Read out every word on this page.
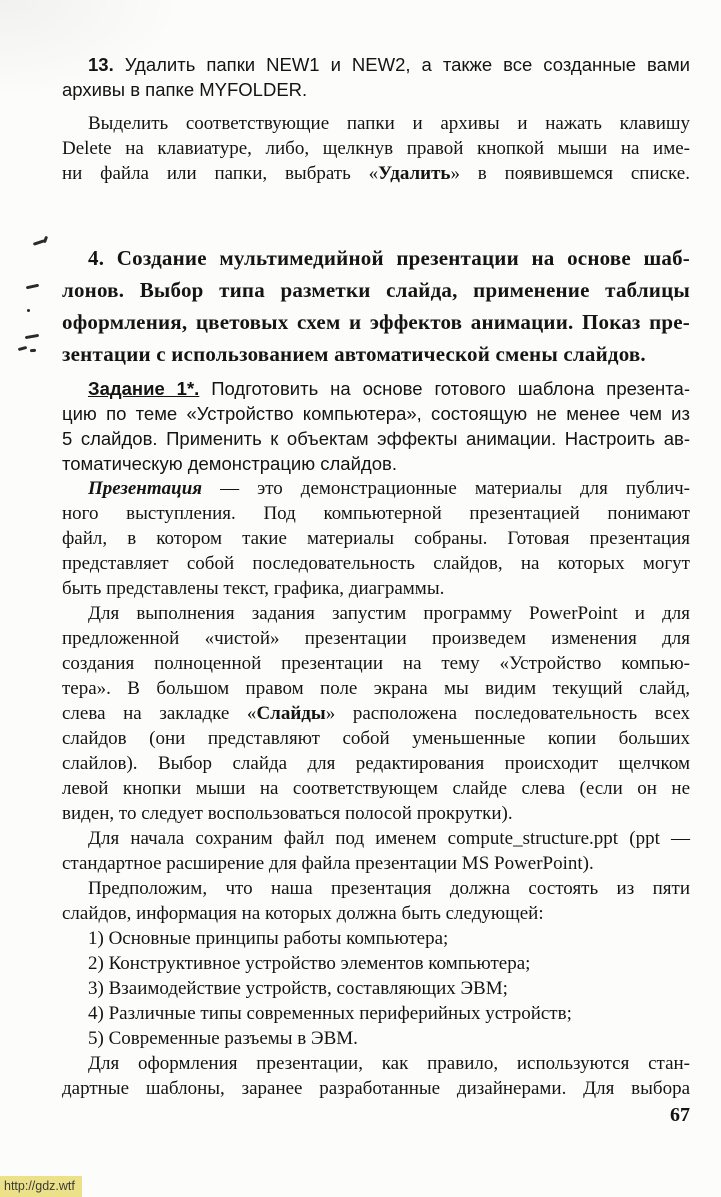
13. Удалить папки NEW1 и NEW2, а также все созданные вами
архивы в папке MYFOLDER.
Выделить соответствующие папки и архивы и нажать клавишу
Delete на клавиатуре, либо, щелкнув правой кнопкой мыши на име-
ни файла или папки, выбрать «Удалить» в появившемся списке.
4. Создание мультимедийной презентации на основе шаб-
лонов. Выбор типа разметки слайда, применение таблицы
оформления, цветовых схем и эффектов анимации. Показ пре-
зентации с использованием автоматической смены слайдов.
Задание 1*. Подготовить на основе готового шаблона презента-
цию по теме «Устройство компьютера», состоящую не менее чем из
5 слайдов. Применить к объектам эффекты анимации. Настроить ав-
томатическую демонстрацию слайдов.
Презентация — это демонстрационные материалы для публич-
ного выступления. Под компьютерной презентацией понимают
файл, в котором такие материалы собраны. Готовая презентация
представляет собой последовательность слайдов, на которых могут
быть представлены текст, графика, диаграммы.
Для выполнения задания запустим программу PowerPoint и для
предложенной «чистой» презентации произведем изменения для
создания полноценной презентации на тему «Устройство компью-
тера». В большом правом поле экрана мы видим текущий слайд,
слева на закладке «Слайды» расположена последовательность всех
слайдов (они представляют собой уменьшенные копии больших
слайлов). Выбор слайда для редактирования происходит щелчком
левой кнопки мыши на соответствующем слайде слева (если он не
виден, то следует воспользоваться полосой прокрутки).
Для начала сохраним файл под именем compute_structure.ppt (ppt —
стандартное расширение для файла презентации MS PowerPoint).
Предположим, что наша презентация должна состоять из пяти
слайдов, информация на которых должна быть следующей:
1) Основные принципы работы компьютера;
2) Конструктивное устройство элементов компьютера;
3) Взаимодействие устройств, составляющих ЭВМ;
4) Различные типы современных периферийных устройств;
5) Современные разъемы в ЭВМ.
Для оформления презентации, как правило, используются стан-
дартные шаблоны, заранее разработанные дизайнерами. Для выбора
67
http://gdz.wtf
